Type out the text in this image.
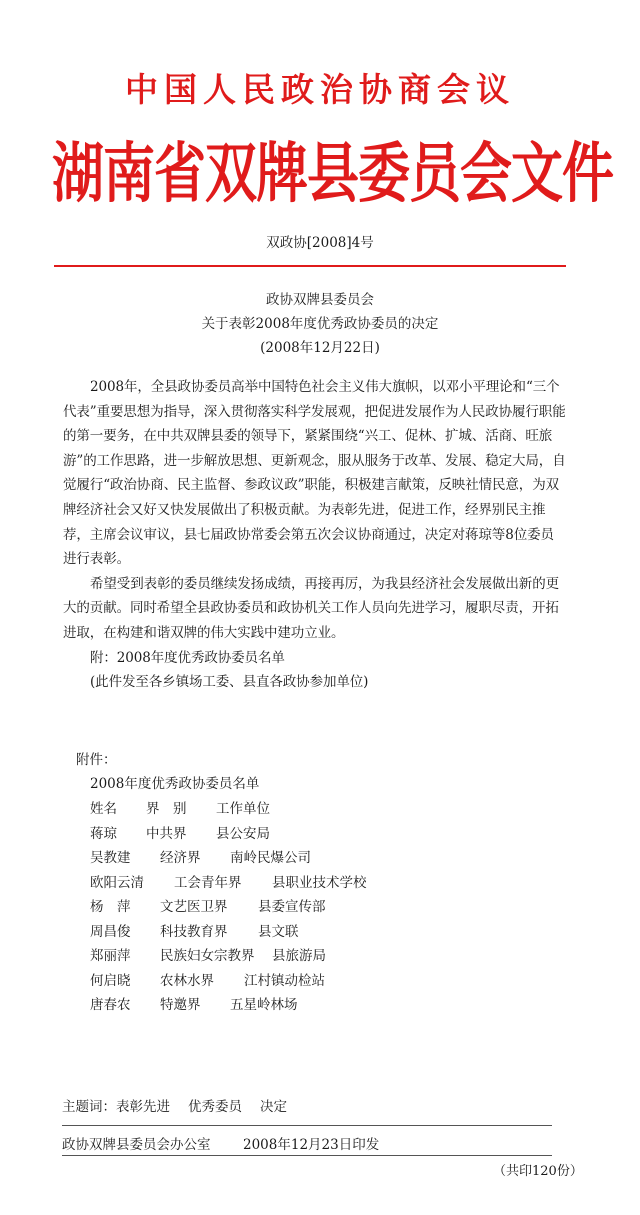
中国人民政治协商会议
湖南省双牌县委员会文件
双政协[2008]4号
政协双牌县委员会
关于表彰2008年度优秀政协委员的决定
(2008年12月22日)

2008年，全县政协委员高举中国特色社会主义伟大旗帜，以邓小平理论和“三个代表”重要思想为指导，深入贯彻落实科学发展观，把促进发展作为人民政协履行职能的第一要务，在中共双牌县委的领导下，紧紧围绕“兴工、促林、扩城、活商、旺旅游”的工作思路，进一步解放思想、更新观念，服从服务于改革、发展、稳定大局，自觉履行“政治协商、民主监督、参政议政”职能，积极建言献策，反映社情民意，为双牌经济社会又好又快发展做出了积极贡献。为表彰先进，促进工作，经界别民主推荐，主席会议审议，县七届政协常委会第五次会议协商通过，决定对蒋琼等8位委员进行表彰。

希望受到表彰的委员继续发扬成绩，再接再厉，为我县经济社会发展做出新的更大的贡献。同时希望全县政协委员和政协机关工作人员向先进学习，履职尽责，开拓进取，在构建和谐双牌的伟大实践中建功立业。

附：2008年度优秀政协委员名单
(此件发至各乡镇场工委、县直各政协参加单位)
附件：
2008年度优秀政协委员名单
姓名 界　别 工作单位
蒋琼 中共界 县公安局
吴教建 经济界 南岭民爆公司
欧阳云清 工会青年界 县职业技术学校
杨　萍 文艺医卫界 县委宣传部
周昌俊 科技教育界 县文联
郑丽萍 民族妇女宗教界 县旅游局
何启晓 农林水界 江村镇动检站
唐春农 特邀界 五星岭林场
主题词：表彰先进 优秀委员 决定
政协双牌县委员会办公室 2008年12月23日印发
（共印120份）
